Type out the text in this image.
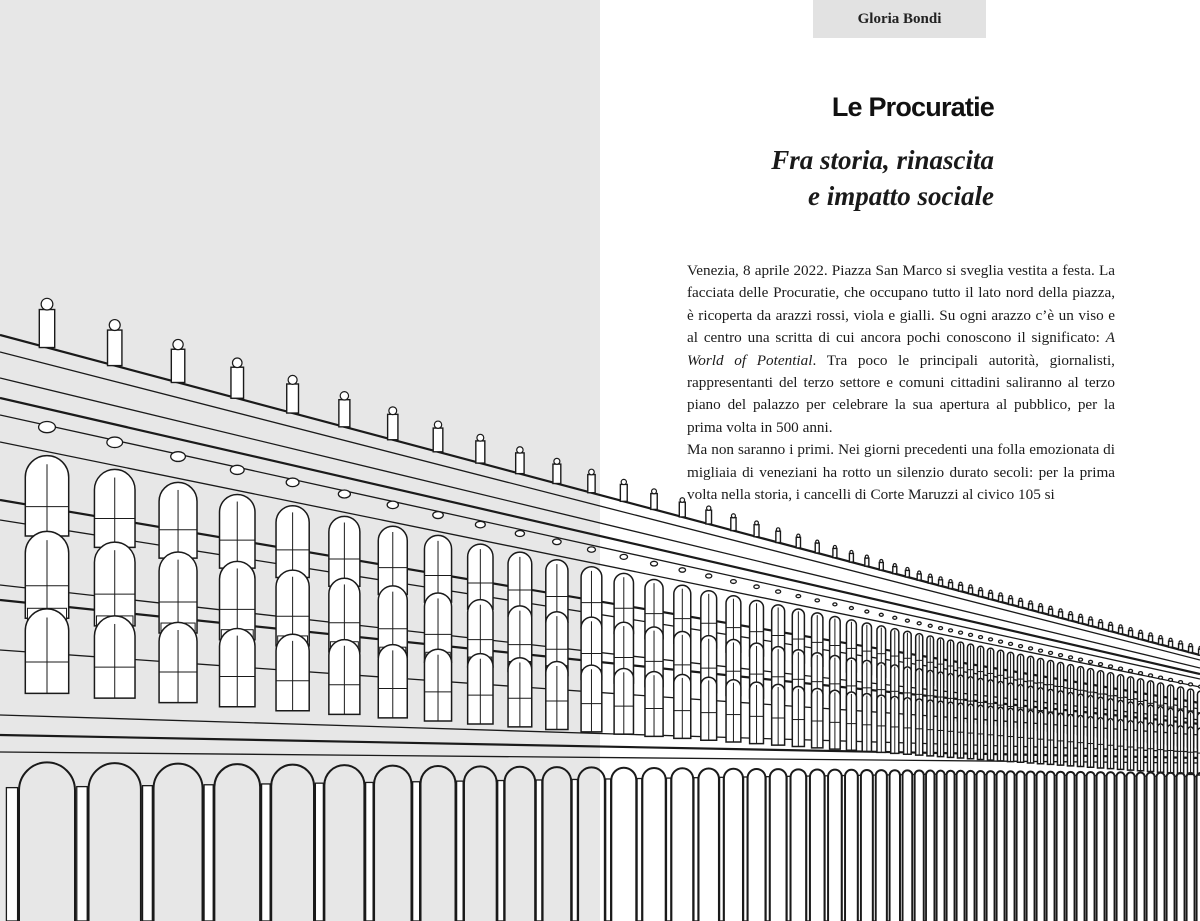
Gloria Bondi
Le Procuratie
Fra storia, rinascita
e impatto sociale

Venezia, 8 aprile 2022. Piazza San Marco si sveglia vestita a festa. La facciata delle Procuratie, che occupano tutto il lato nord della piazza, è ricoperta da arazzi rossi, viola e gialli. Su ogni arazzo c’è un viso e al centro una scritta di cui ancora pochi conoscono il significato: A World of Potential. Tra poco le principali autorità, giornalisti, rappresentanti del terzo settore e comuni cittadini saliranno al terzo piano del palazzo per celebrare la sua apertura al pubblico, per la prima volta in 500 anni.

Ma non saranno i primi. Nei giorni precedenti una folla emozionata di migliaia di veneziani ha rotto un silenzio durato secoli: per la prima volta nella storia, i cancelli di Corte Maruzzi al civico 105 si
